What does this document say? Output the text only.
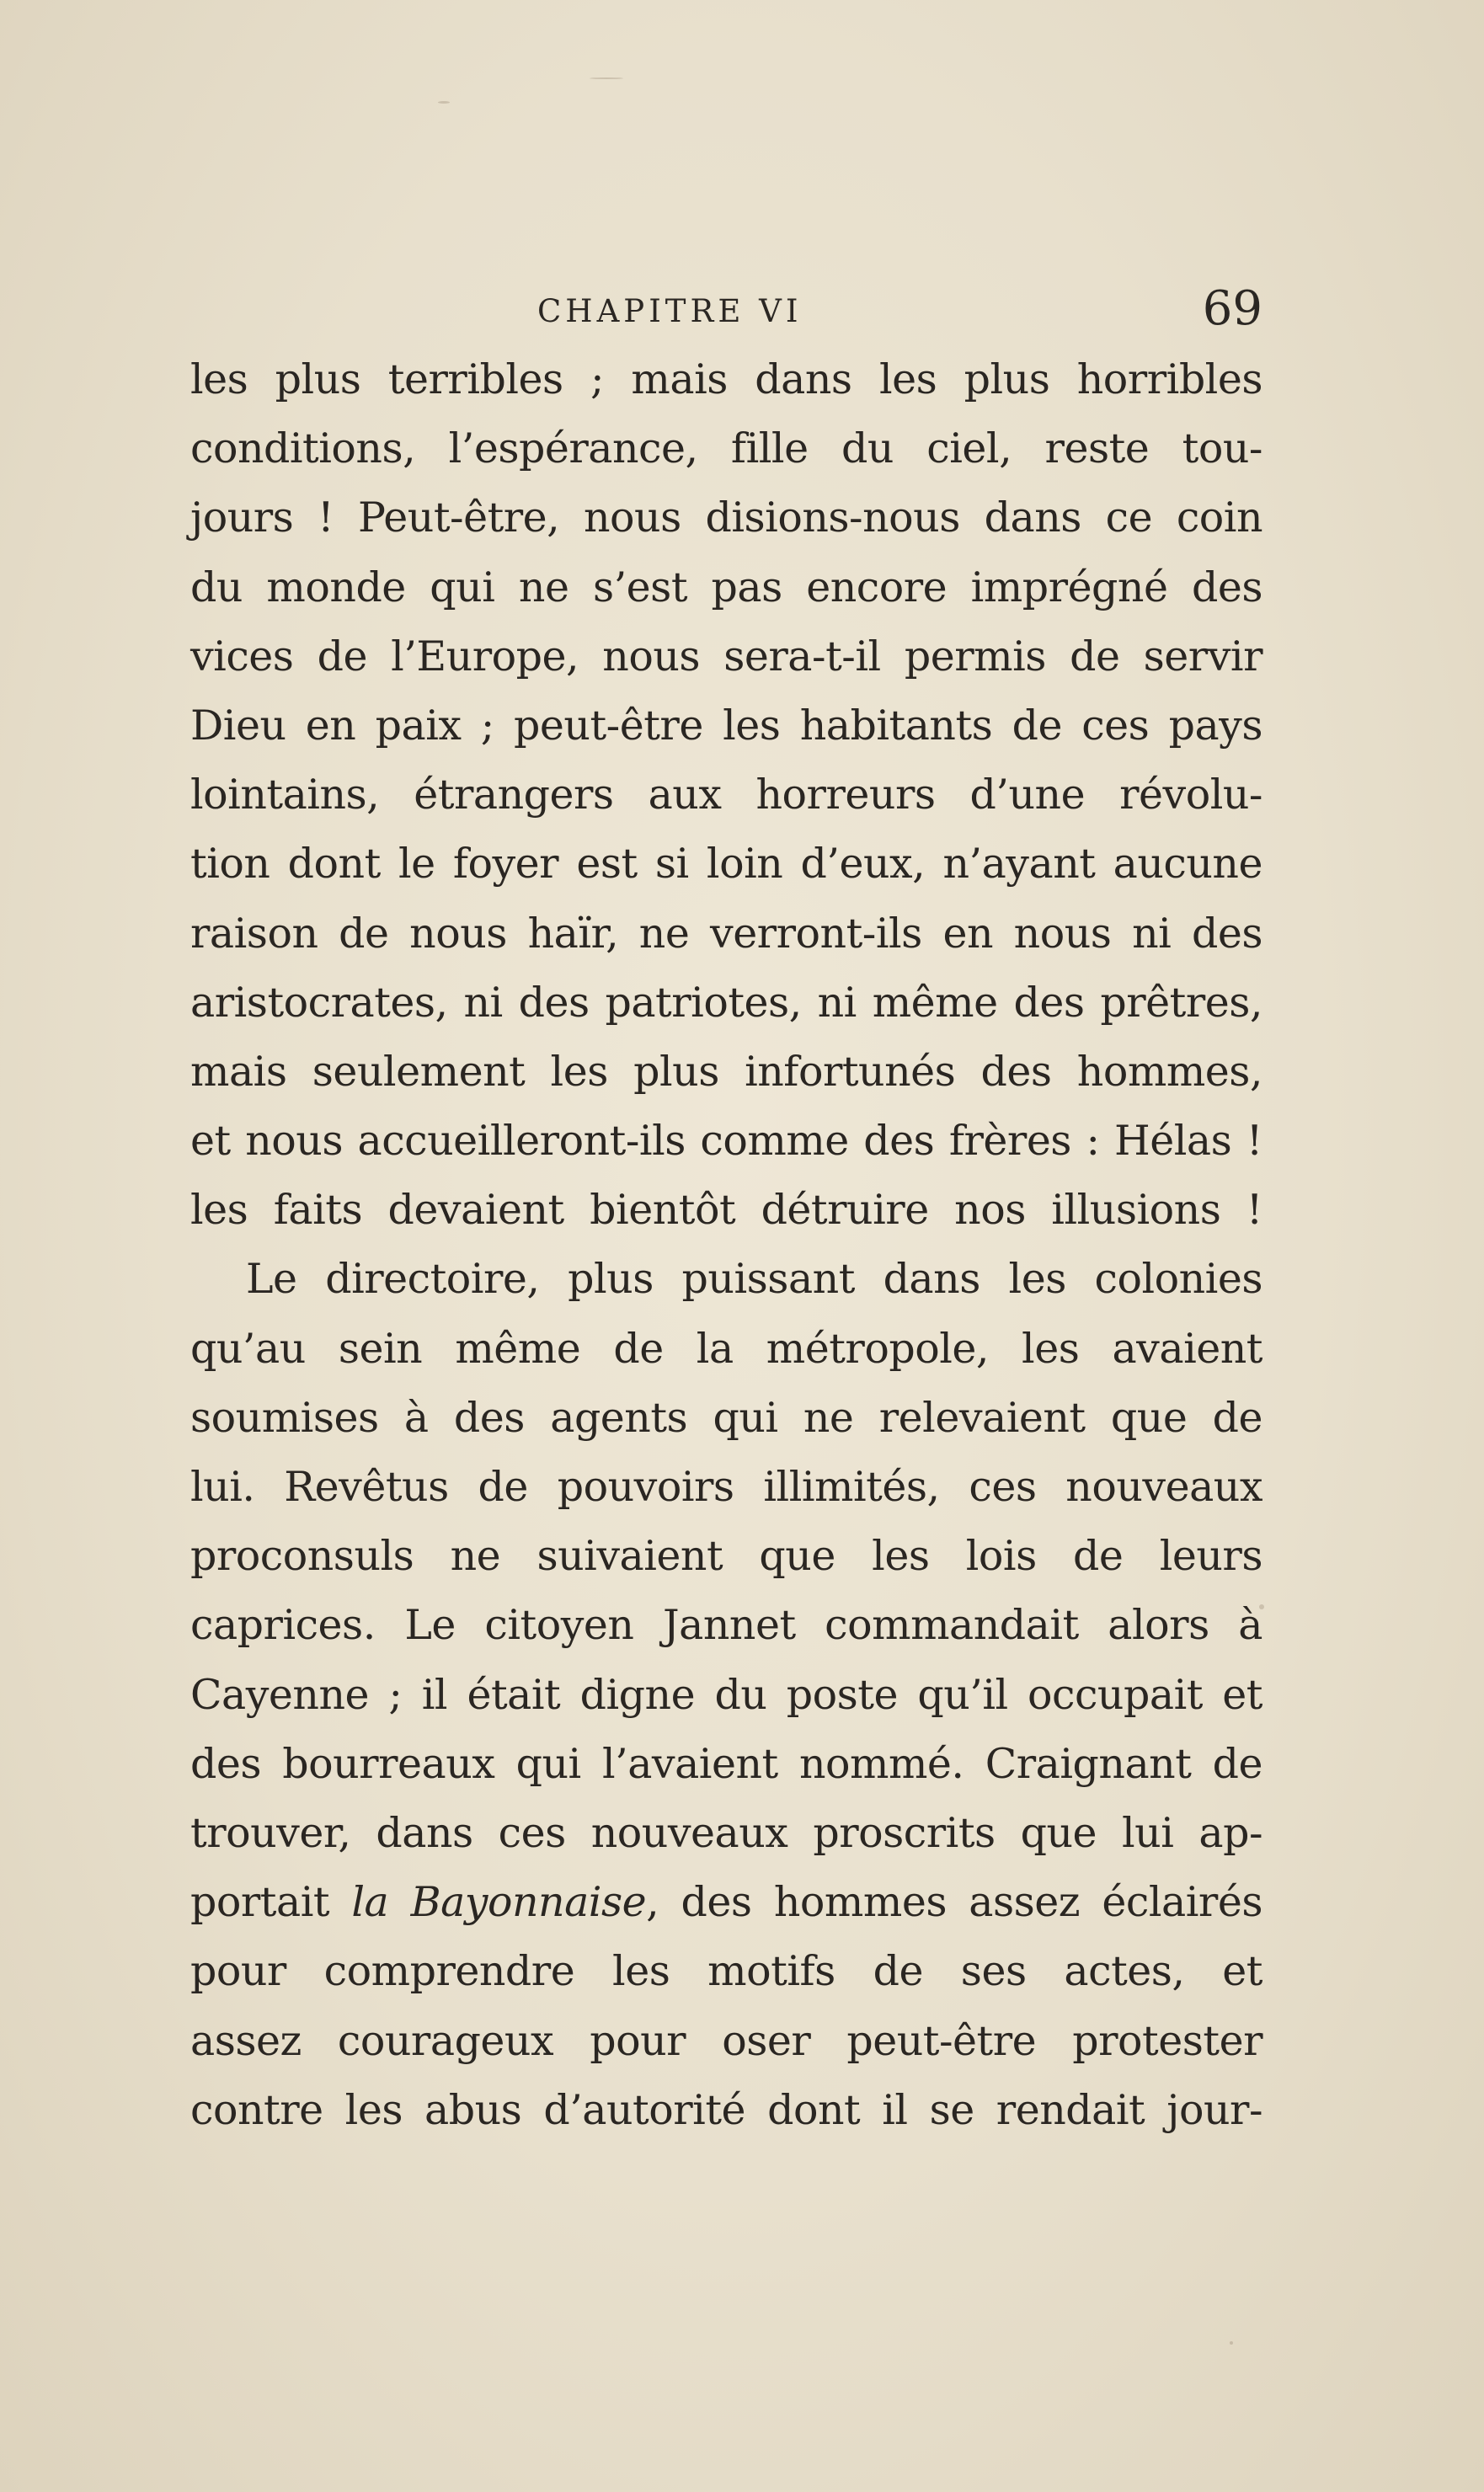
CHAPITRE VI	69
les plus terribles ; mais dans les plus horribles
conditions, l’espérance, fille du ciel, reste tou-
jours ! Peut-être, nous disions-nous dans ce coin
du monde qui ne s’est pas encore imprégné des
vices de l’Europe, nous sera-t-il permis de servir
Dieu en paix ; peut-être les habitants de ces pays
lointains, étrangers aux horreurs d’une révolu-
tion dont le foyer est si loin d’eux, n’ayant aucune
raison de nous haïr, ne verront-ils en nous ni des
aristocrates, ni des patriotes, ni même des prêtres,
mais seulement les plus infortunés des hommes,
et nous accueilleront-ils comme des frères : Hélas !
les faits devaient bientôt détruire nos illusions !
Le directoire, plus puissant dans les colonies
qu’au sein même de la métropole, les avaient
soumises à des agents qui ne relevaient que de
lui. Revêtus de pouvoirs illimités, ces nouveaux
proconsuls ne suivaient que les lois de leurs
caprices. Le citoyen Jannet commandait alors à
Cayenne ; il était digne du poste qu’il occupait et
des bourreaux qui l’avaient nommé. Craignant de
trouver, dans ces nouveaux proscrits que lui ap-
portait la Bayonnaise, des hommes assez éclairés
pour comprendre les motifs de ses actes, et
assez courageux pour oser peut-être protester
contre les abus d’autorité dont il se rendait jour-
